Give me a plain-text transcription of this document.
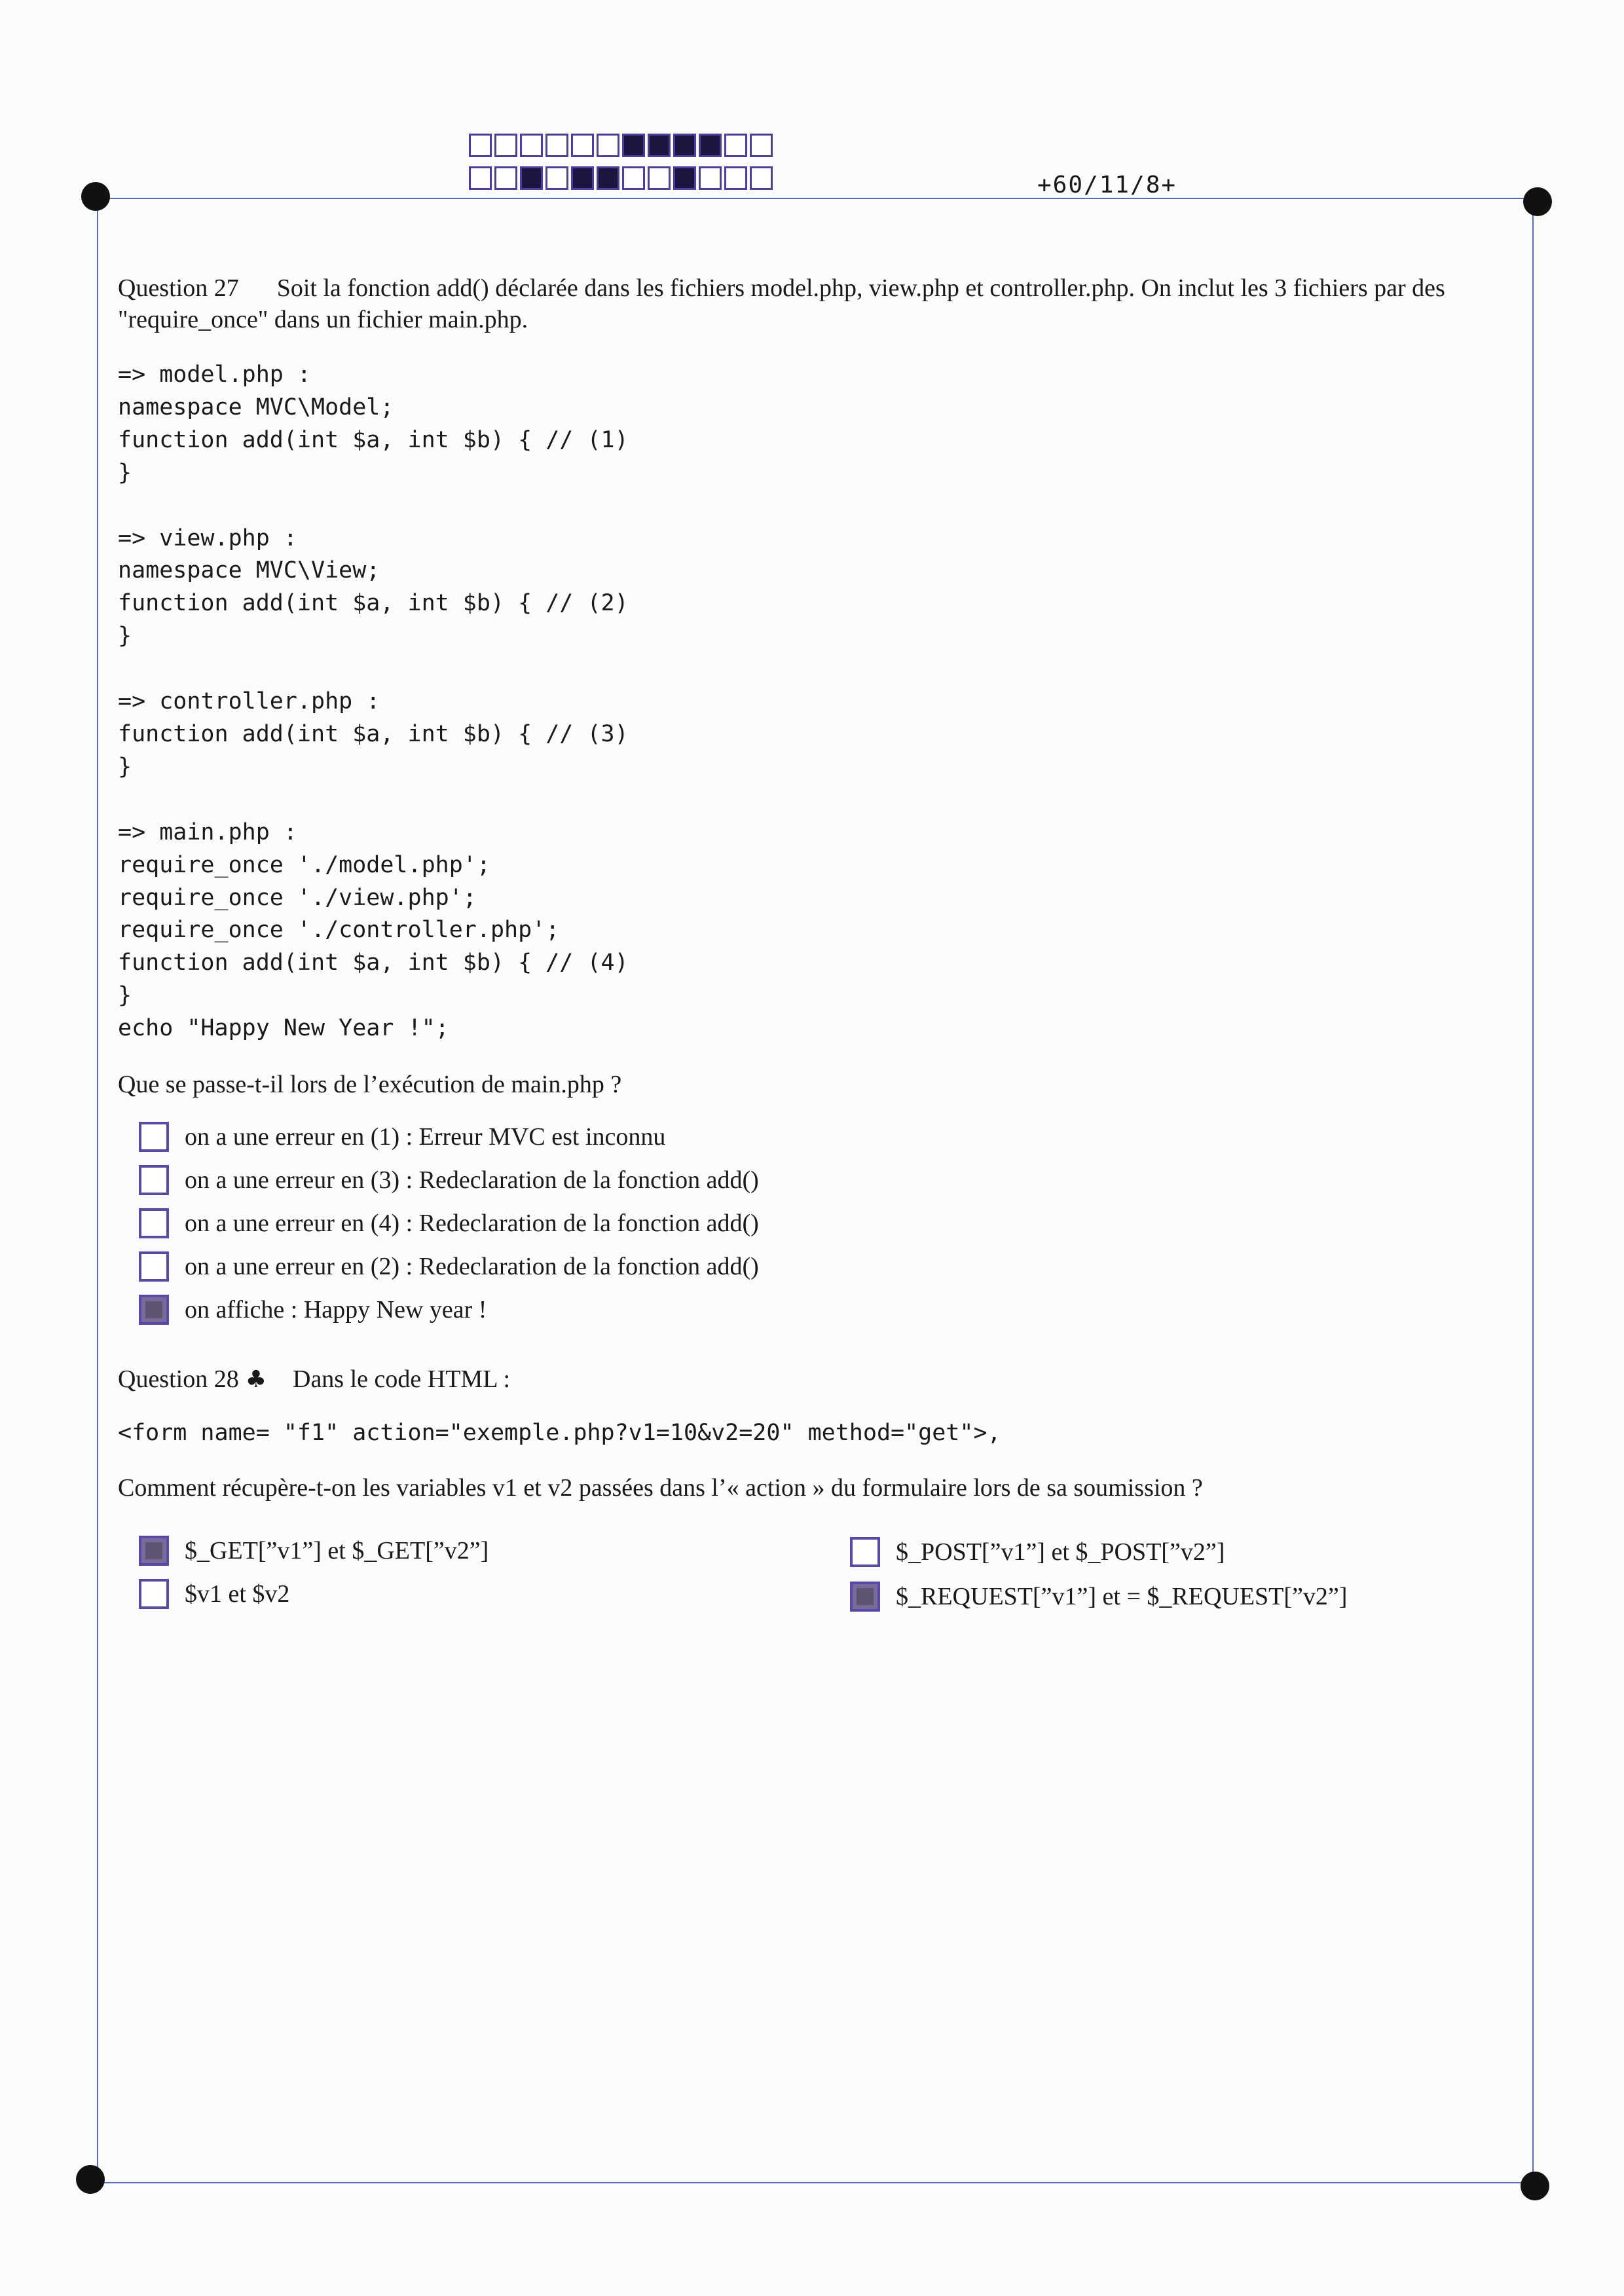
+60/11/8+
Question 27 Soit la fonction add() déclarée dans les fichiers model.php, view.php et controller.php. On inclut les 3 fichiers par des "require_once" dans un fichier main.php.
=> model.php :
namespace MVC\Model;
function add(int $a, int $b) { // (1)
}

=> view.php :
namespace MVC\View;
function add(int $a, int $b) { // (2)
}

=> controller.php :
function add(int $a, int $b) { // (3)
}

=> main.php :
require_once './model.php';
require_once './view.php';
require_once './controller.php';
function add(int $a, int $b) { // (4)
}
echo "Happy New Year !";
Que se passe-t-il lors de l’exécution de main.php ?
on a une erreur en (1) : Erreur MVC est inconnu
on a une erreur en (3) : Redeclaration de la fonction add()
on a une erreur en (4) : Redeclaration de la fonction add()
on a une erreur en (2) : Redeclaration de la fonction add()
on affiche : Happy New year !
Question 28 ♣ Dans le code HTML :
<form name= "f1" action="exemple.php?v1=10&v2=20" method="get">,
Comment récupère-t-on les variables v1 et v2 passées dans l’« action » du formulaire lors de sa soumission ?
$_GET[”v1”] et $_GET[”v2”]	$_POST[”v1”] et $_POST[”v2”]
$v1 et $v2	$_REQUEST[”v1”] et = $_REQUEST[”v2”]
